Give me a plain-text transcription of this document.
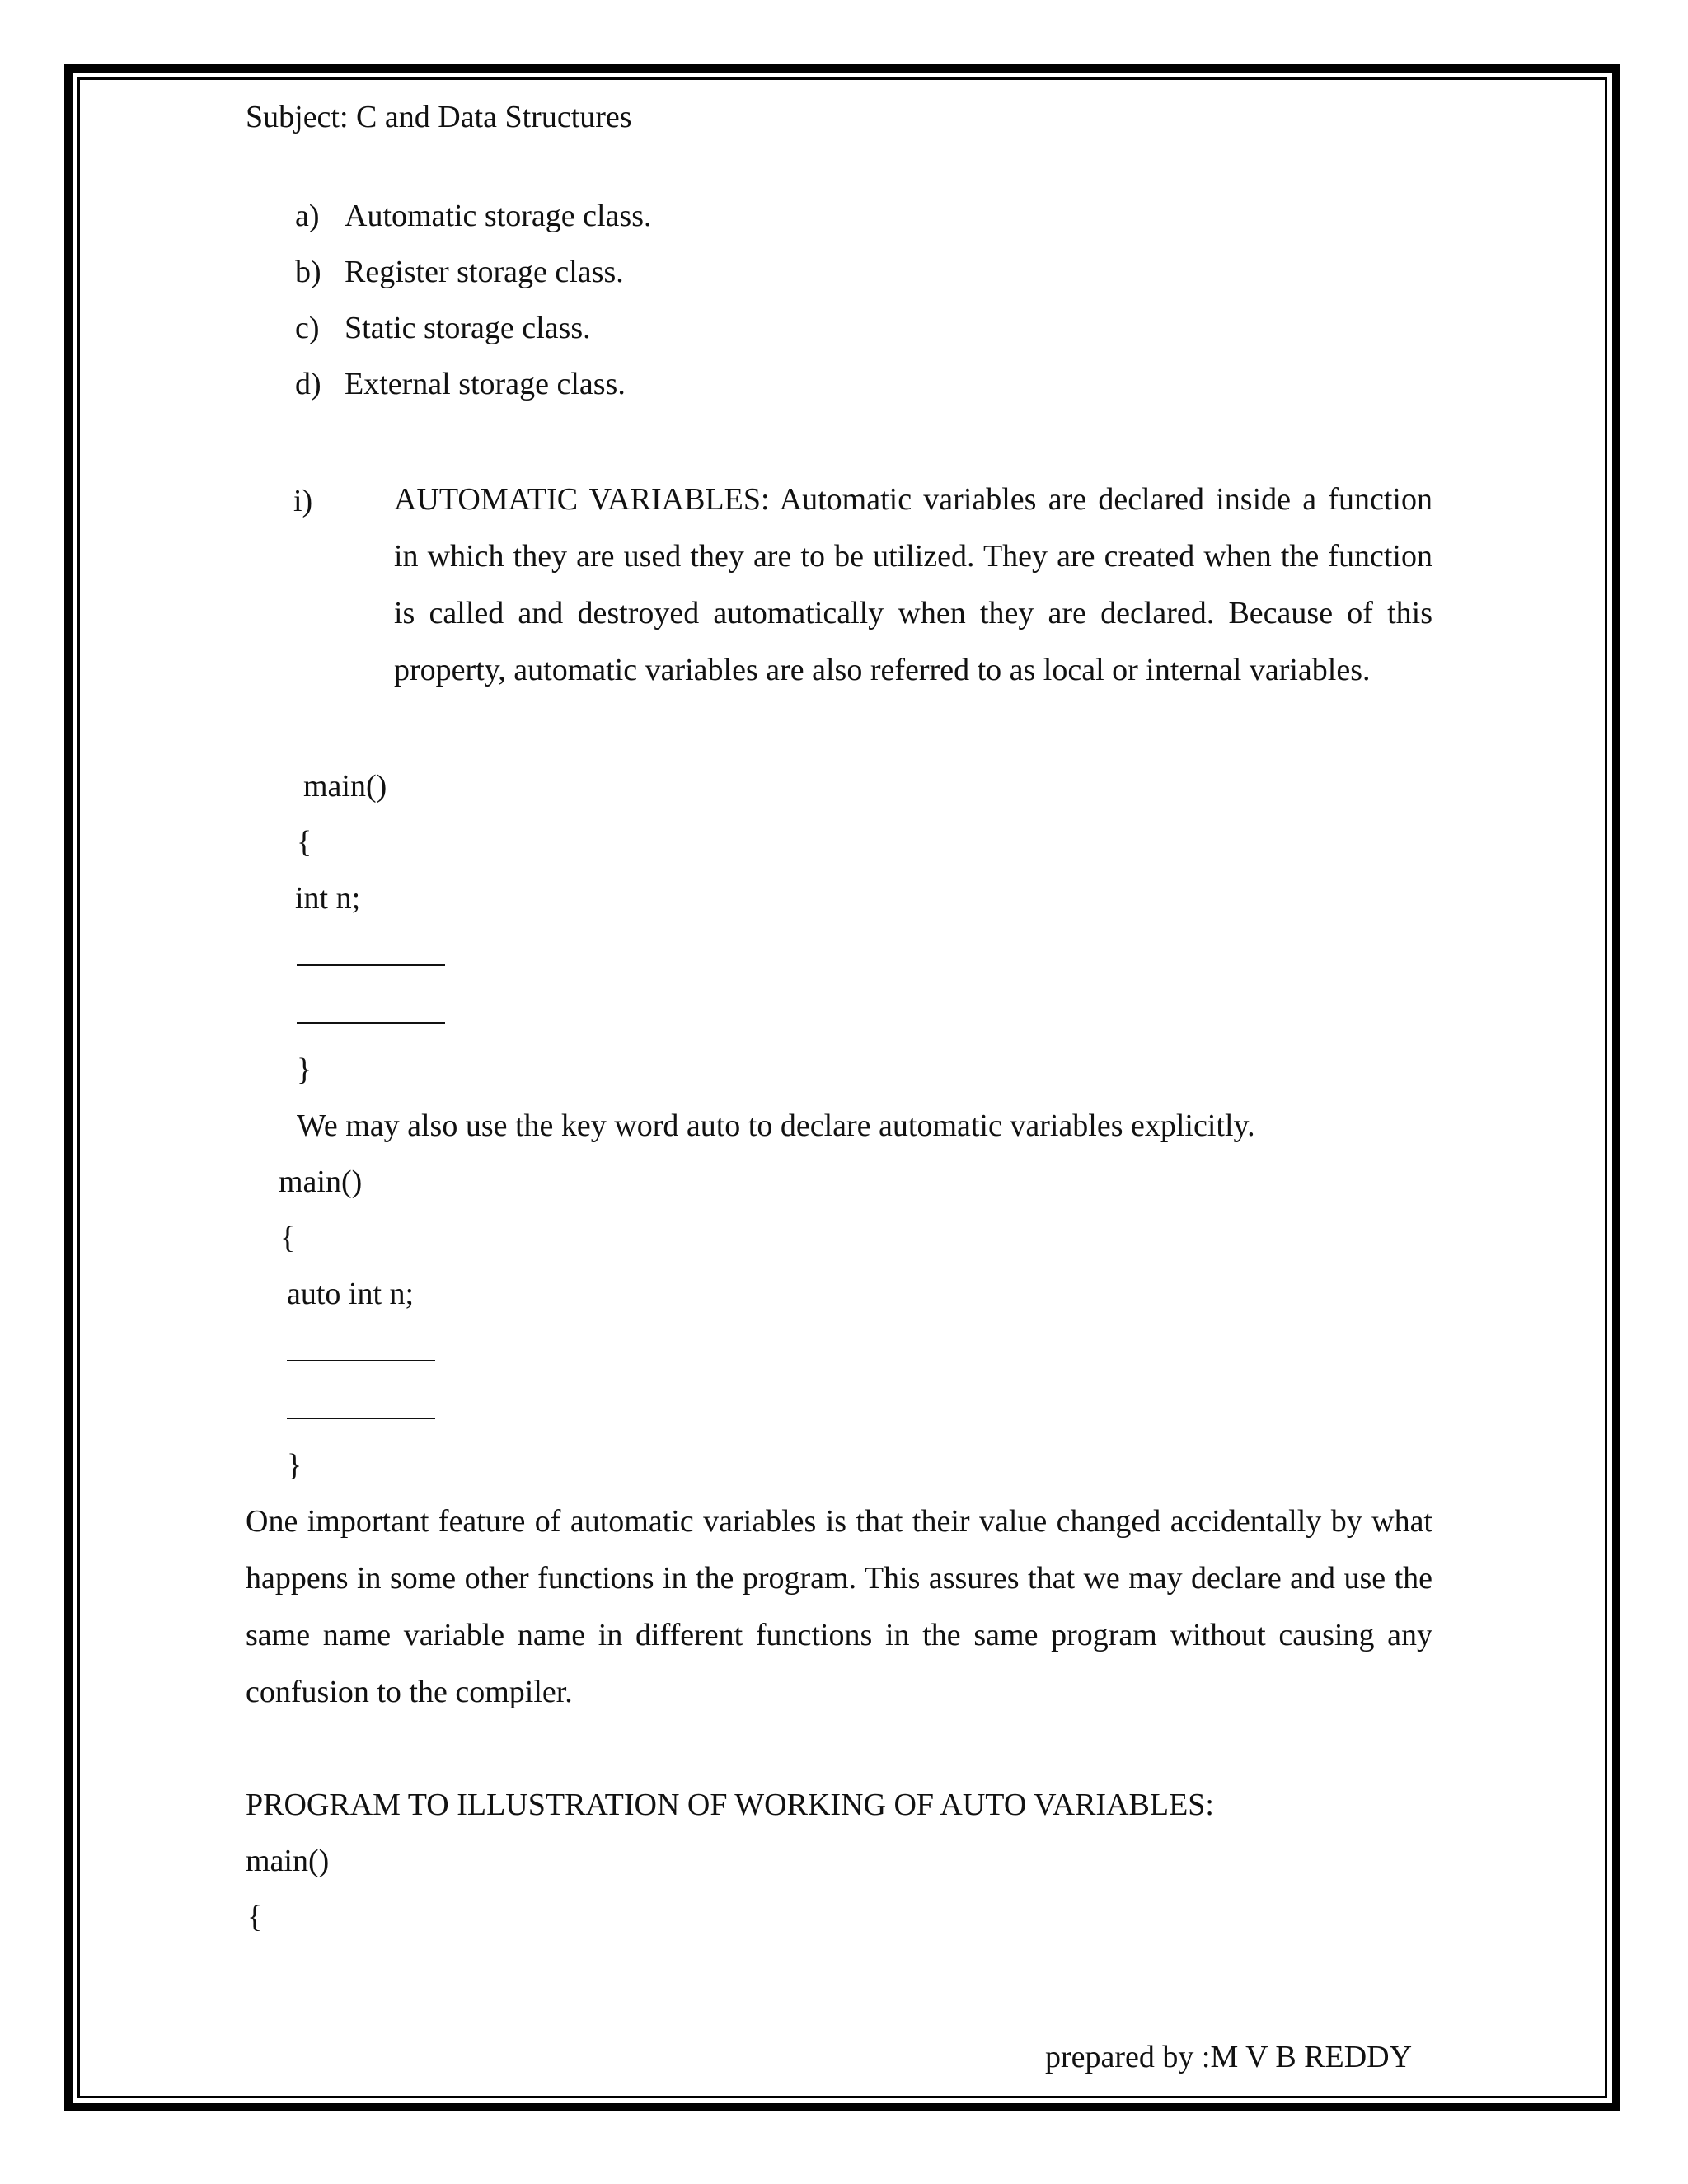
Subject: C and Data Structures
a) Automatic storage class.
b) Register storage class.
c) Static storage class.
d) External storage class.
i)	AUTOMATIC VARIABLES: Automatic variables are declared inside a function in which they are used they are to be utilized. They are created when the function is called and destroyed automatically when they are declared. Because of this property, automatic variables are also referred to as local or internal variables.
main()
{
int n;
}
We may also use the key word auto to declare automatic variables explicitly.
main()
{
auto int n;
}
One important feature of automatic variables is that their value changed accidentally by what happens in some other functions in the program. This assures that we may declare and use the same name variable name in different functions in the same program without causing any confusion to the compiler.
PROGRAM TO ILLUSTRATION OF WORKING OF AUTO VARIABLES:
main()
{
prepared by :M V B REDDY
